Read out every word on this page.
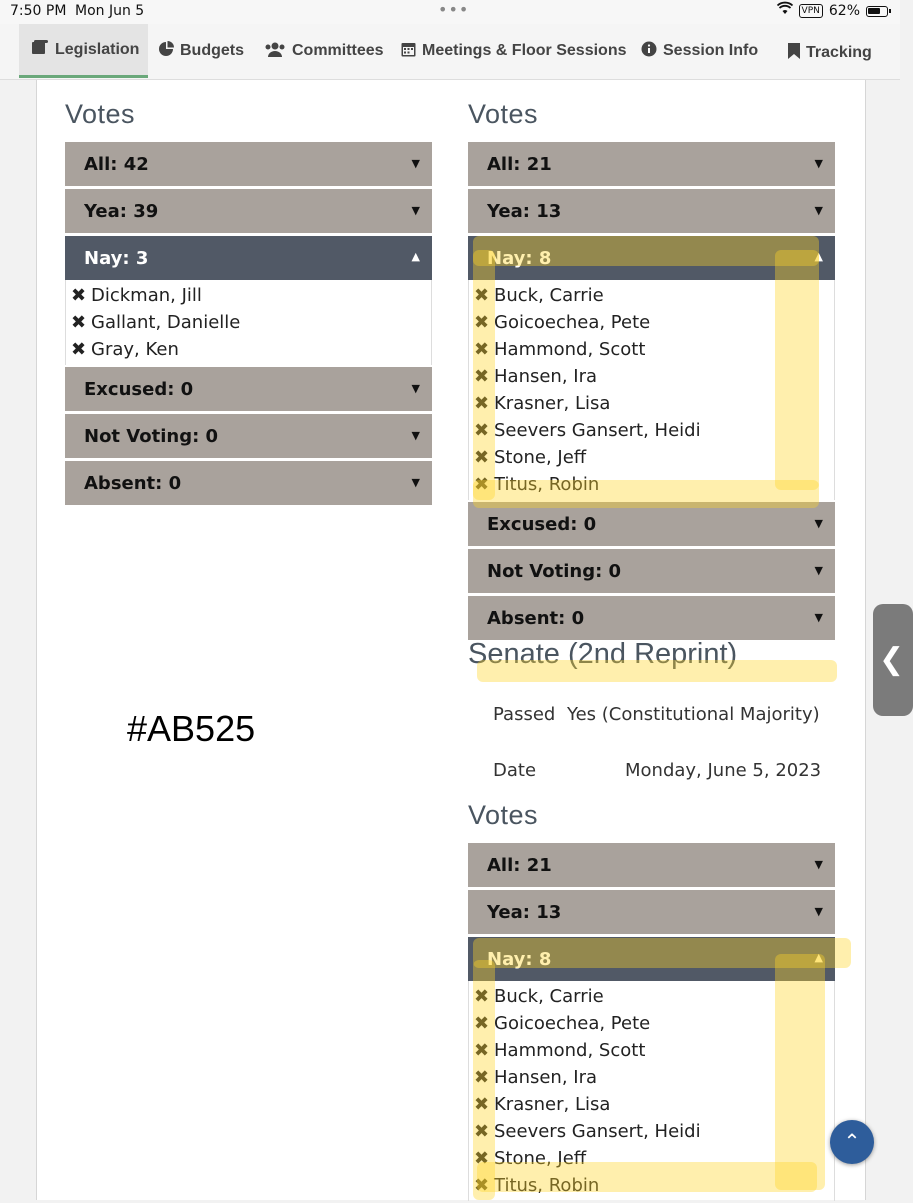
7:50 PM Mon Jun 5	•••	VPN 62%
Legislation	Budgets	Committees Meetings & Floor Sessions Session Info	Tracking
Votes
All: 42	▼
Yea: 39	▼
Nay: 3	▲
✖ Dickman, Jill
✖ Gallant, Danielle
✖ Gray, Ken
Excused: 0	▼
Not Voting: 0	▼
Absent: 0	▼
#AB525
Votes
All: 21	▼
Yea: 13	▼
Nay: 8	▲
✖ Buck, Carrie
✖ Goicoechea, Pete
✖ Hammond, Scott
✖ Hansen, Ira
✖ Krasner, Lisa
✖ Seevers Gansert, Heidi
✖ Stone, Jeff
✖ Titus, Robin
Excused: 0	▼
Not Voting: 0	▼
Absent: 0	▼
Senate (2nd Reprint)
Passed Yes (Constitutional Majority)
Date	Monday, June 5, 2023
Votes
All: 21	▼
Yea: 13	▼
Nay: 8	▲
✖ Buck, Carrie
✖ Goicoechea, Pete
✖ Hammond, Scott
✖ Hansen, Ira
✖ Krasner, Lisa
✖ Seevers Gansert, Heidi
✖ Stone, Jeff
✖ Titus, Robin
❮
⌃
